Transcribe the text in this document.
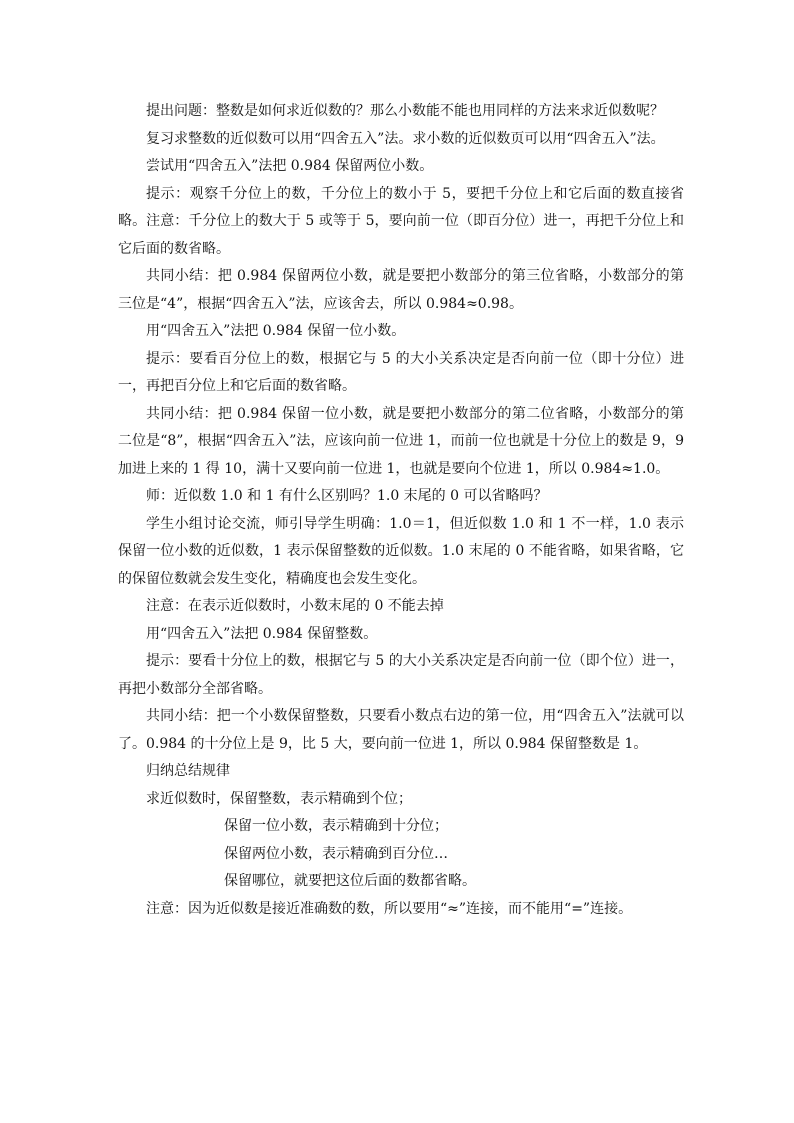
提出问题：整数是如何求近似数的？那么小数能不能也用同样的方法来求近似数呢？

复习求整数的近似数可以用“四舍五入”法。求小数的近似数页可以用“四舍五入”法。

尝试用“四舍五入”法把 0.984 保留两位小数。

提示：观察千分位上的数，千分位上的数小于 5，要把千分位上和它后面的数直接省略。注意：千分位上的数大于 5 或等于 5，要向前一位（即百分位）进一，再把千分位上和它后面的数省略。

共同小结：把 0.984 保留两位小数，就是要把小数部分的第三位省略，小数部分的第三位是“4”，根据“四舍五入”法，应该舍去，所以 0.984≈0.98。

用“四舍五入”法把 0.984 保留一位小数。

提示：要看百分位上的数，根据它与 5 的大小关系决定是否向前一位（即十分位）进一，再把百分位上和它后面的数省略。

共同小结：把 0.984 保留一位小数，就是要把小数部分的第二位省略，小数部分的第二位是“8”，根据“四舍五入”法，应该向前一位进 1，而前一位也就是十分位上的数是 9，9 加进上来的 1 得 10，满十又要向前一位进 1，也就是要向个位进 1，所以 0.984≈1.0。

师：近似数 1.0 和 1 有什么区别吗？1.0 末尾的 0 可以省略吗？

学生小组讨论交流，师引导学生明确：1.0＝1，但近似数 1.0 和 1 不一样，1.0 表示保留一位小数的近似数，1 表示保留整数的近似数。1.0 末尾的 0 不能省略，如果省略，它的保留位数就会发生变化，精确度也会发生变化。

注意：在表示近似数时，小数末尾的 0 不能去掉

用“四舍五入”法把 0.984 保留整数。

提示：要看十分位上的数，根据它与 5 的大小关系决定是否向前一位（即个位）进一，再把小数部分全部省略。

共同小结：把一个小数保留整数，只要看小数点右边的第一位，用“四舍五入”法就可以了。0.984 的十分位上是 9，比 5 大，要向前一位进 1，所以 0.984 保留整数是 1。

归纳总结规律

求近似数时，保留整数，表示精确到个位；

保留一位小数，表示精确到十分位；

保留两位小数，表示精确到百分位…

保留哪位，就要把这位后面的数都省略。

注意：因为近似数是接近准确数的数，所以要用“≈”连接，而不能用“=”连接。
